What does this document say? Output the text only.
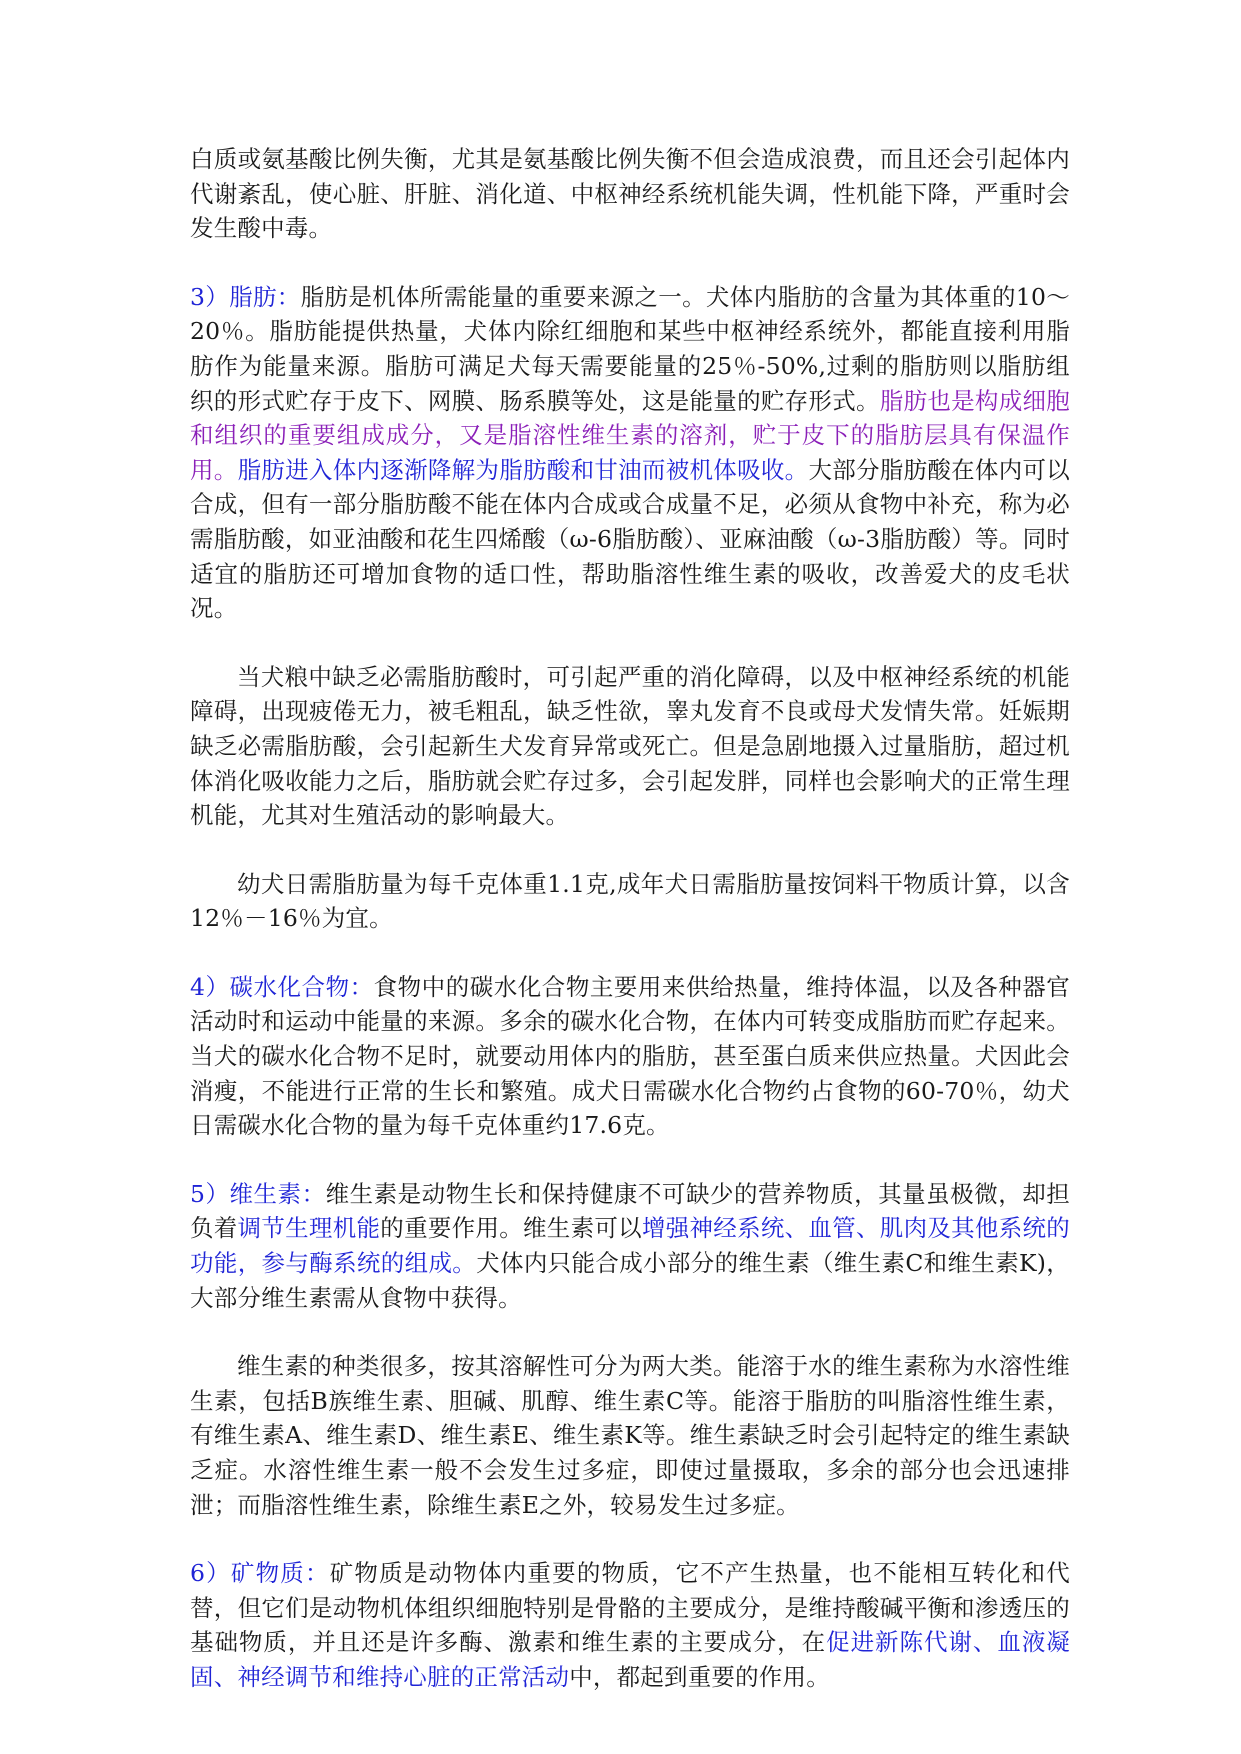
白质或氨基酸比例失衡，尤其是氨基酸比例失衡不但会造成浪费，而且还会引起体内代谢紊乱，使心脏、肝脏、消化道、中枢神经系统机能失调，性机能下降，严重时会发生酸中毒。

3）脂肪：脂肪是机体所需能量的重要来源之一。犬体内脂肪的含量为其体重的10～20％。脂肪能提供热量，犬体内除红细胞和某些中枢神经系统外，都能直接利用脂肪作为能量来源。脂肪可满足犬每天需要能量的25％-50%,过剩的脂肪则以脂肪组织的形式贮存于皮下、网膜、肠系膜等处，这是能量的贮存形式。脂肪也是构成细胞和组织的重要组成成分，又是脂溶性维生素的溶剂，贮于皮下的脂肪层具有保温作用。脂肪进入体内逐渐降解为脂肪酸和甘油而被机体吸收。大部分脂肪酸在体内可以合成，但有一部分脂肪酸不能在体内合成或合成量不足，必须从食物中补充，称为必需脂肪酸，如亚油酸和花生四烯酸（ω-6脂肪酸）、亚麻油酸（ω-3脂肪酸）等。同时适宜的脂肪还可增加食物的适口性，帮助脂溶性维生素的吸收，改善爱犬的皮毛状况。

当犬粮中缺乏必需脂肪酸时，可引起严重的消化障碍，以及中枢神经系统的机能障碍，出现疲倦无力，被毛粗乱，缺乏性欲，睾丸发育不良或母犬发情失常。妊娠期缺乏必需脂肪酸，会引起新生犬发育异常或死亡。但是急剧地摄入过量脂肪，超过机体消化吸收能力之后，脂肪就会贮存过多，会引起发胖，同样也会影响犬的正常生理机能，尤其对生殖活动的影响最大。

幼犬日需脂肪量为每千克体重1.1克,成年犬日需脂肪量按饲料干物质计算，以含12％－16％为宜。

4）碳水化合物：食物中的碳水化合物主要用来供给热量，维持体温，以及各种器官活动时和运动中能量的来源。多余的碳水化合物，在体内可转变成脂肪而贮存起来。当犬的碳水化合物不足时，就要动用体内的脂肪，甚至蛋白质来供应热量。犬因此会消瘦，不能进行正常的生长和繁殖。成犬日需碳水化合物约占食物的60-70％，幼犬日需碳水化合物的量为每千克体重约17.6克。

5）维生素：维生素是动物生长和保持健康不可缺少的营养物质，其量虽极微，却担负着调节生理机能的重要作用。维生素可以增强神经系统、血管、肌肉及其他系统的功能，参与酶系统的组成。犬体内只能合成小部分的维生素（维生素C和维生素K)，大部分维生素需从食物中获得。

维生素的种类很多，按其溶解性可分为两大类。能溶于水的维生素称为水溶性维生素，包括B族维生素、胆碱、肌醇、维生素C等。能溶于脂肪的叫脂溶性维生素，有维生素A、维生素D、维生素E、维生素K等。维生素缺乏时会引起特定的维生素缺乏症。水溶性维生素一般不会发生过多症，即使过量摄取，多余的部分也会迅速排泄；而脂溶性维生素，除维生素E之外，较易发生过多症。

6）矿物质：矿物质是动物体内重要的物质，它不产生热量，也不能相互转化和代替，但它们是动物机体组织细胞特别是骨骼的主要成分，是维持酸碱平衡和渗透压的基础物质，并且还是许多酶、激素和维生素的主要成分，在促进新陈代谢、血液凝固、神经调节和维持心脏的正常活动中，都起到重要的作用。
